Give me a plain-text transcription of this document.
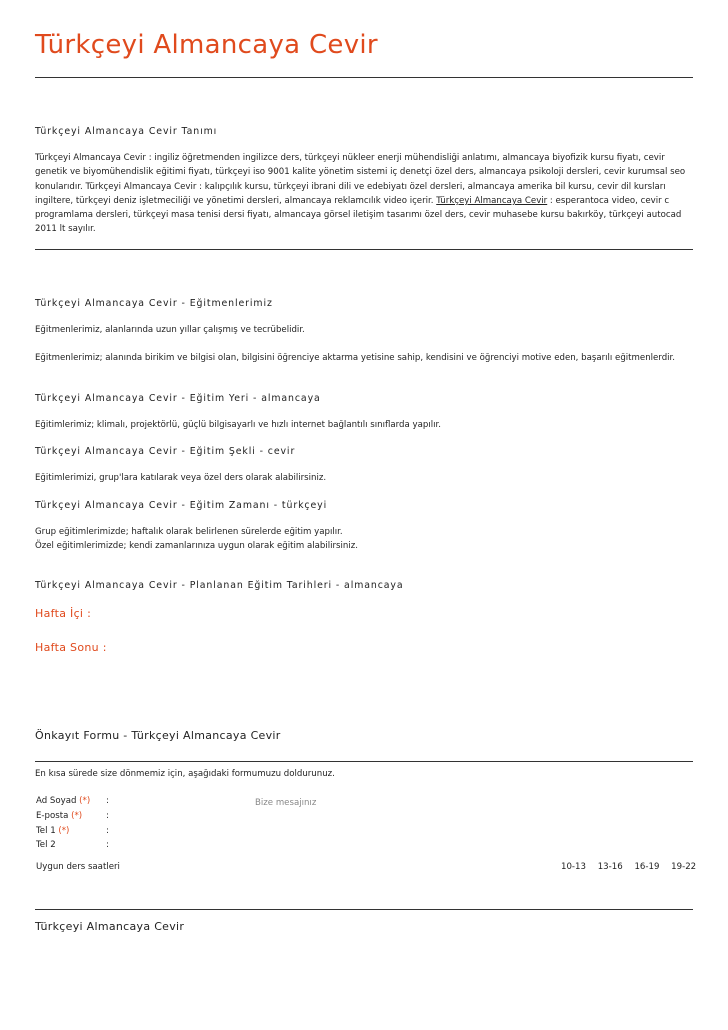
Türkçeyi Almancaya Cevir
Türkçeyi Almancaya Cevir Tanımı
Türkçeyi Almancaya Cevir : ingiliz öğretmenden ingilizce ders, türkçeyi nükleer enerji mühendisliği anlatımı, almancaya biyofizik kursu fiyatı, cevir genetik ve biyomühendislik eğitimi fiyatı, türkçeyi iso 9001 kalite yönetim sistemi iç denetçi özel ders, almancaya psikoloji dersleri, cevir kurumsal seo konularıdır. Türkçeyi Almancaya Cevir : kalıpçılık kursu, türkçeyi ibrani dili ve edebiyatı özel dersleri, almancaya amerika bil kursu, cevir dil kursları ingiltere, türkçeyi deniz işletmeciliği ve yönetimi dersleri, almancaya reklamcılık video içerir. Türkçeyi Almancaya Cevir : esperantoca video, cevir c programlama dersleri, türkçeyi masa tenisi dersi fiyatı, almancaya görsel iletişim tasarımı özel ders, cevir muhasebe kursu bakırköy, türkçeyi autocad 2011 lt sayılır.
Türkçeyi Almancaya Cevir - Eğitmenlerimiz
Eğitmenlerimiz, alanlarında uzun yıllar çalışmış ve tecrübelidir.
Eğitmenlerimiz; alanında birikim ve bilgisi olan, bilgisini öğrenciye aktarma yetisine sahip, kendisini ve öğrenciyi motive eden, başarılı eğitmenlerdir.
Türkçeyi Almancaya Cevir - Eğitim Yeri - almancaya
Eğitimlerimiz; klimalı, projektörlü, güçlü bilgisayarlı ve hızlı internet bağlantılı sınıflarda yapılır.
Türkçeyi Almancaya Cevir - Eğitim Şekli - cevir
Eğitimlerimizi, grup'lara katılarak veya özel ders olarak alabilirsiniz.
Türkçeyi Almancaya Cevir - Eğitim Zamanı - türkçeyi
Grup eğitimlerimizde; haftalık olarak belirlenen sürelerde eğitim yapılır.
Özel eğitimlerimizde; kendi zamanlarınıza uygun olarak eğitim alabilirsiniz.
Türkçeyi Almancaya Cevir - Planlanan Eğitim Tarihleri - almancaya
Hafta İçi :
Hafta Sonu :
Önkayıt Formu - Türkçeyi Almancaya Cevir
En kısa sürede size dönmemiz için, aşağıdaki formumuzu doldurunuz.
Ad Soyad (*) :
E-posta (*)	:
Tel 1 (*)	:
Tel 2	:
Bize mesajınız
Uygun ders saatleri	10-13 13-16 16-19 19-22
Türkçeyi Almancaya Cevir
